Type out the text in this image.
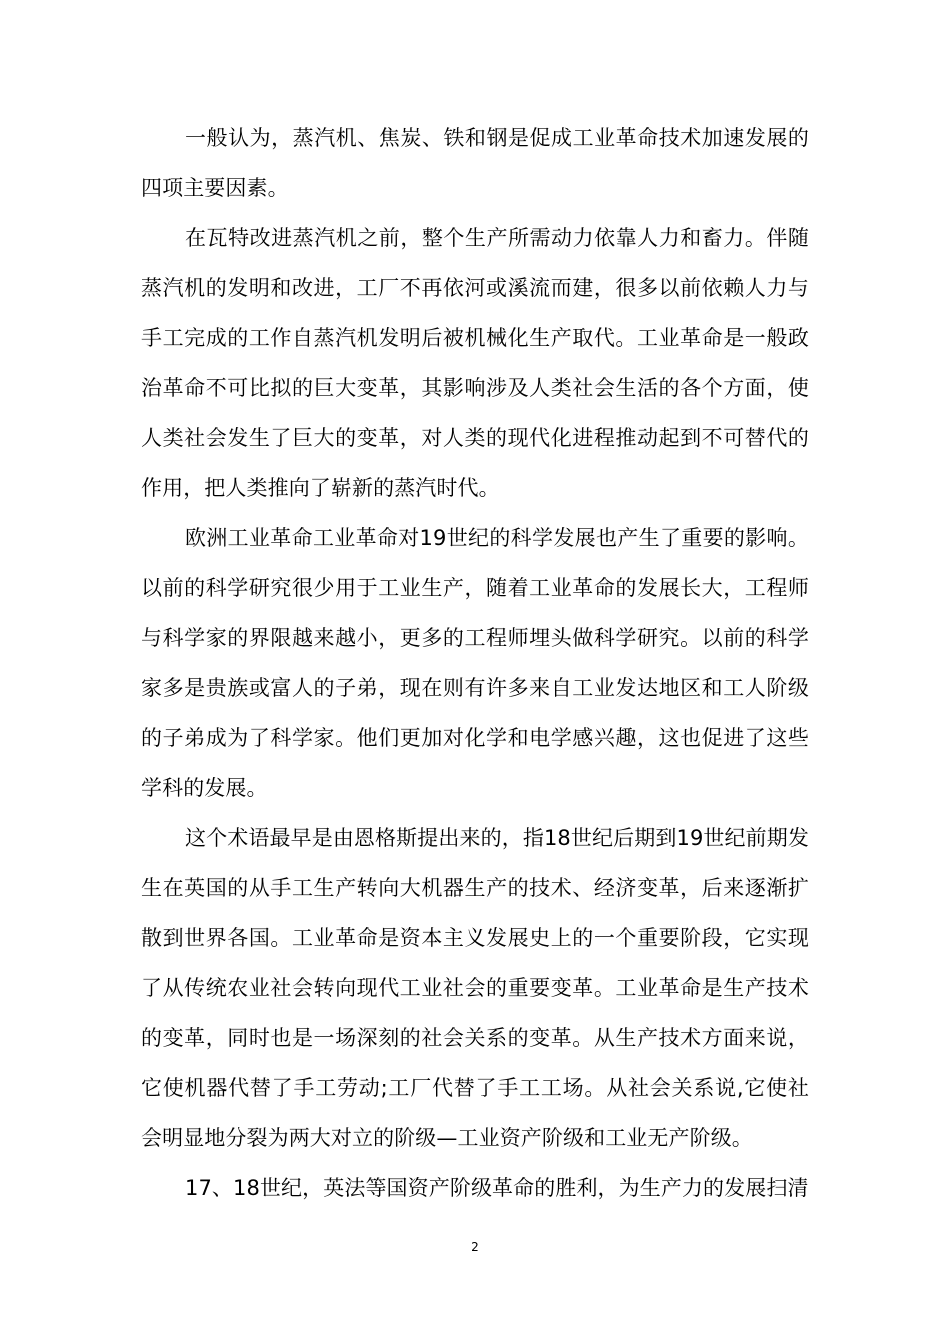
一般认为，蒸汽机、焦炭、铁和钢是促成工业革命技术加速发展的四项主要因素。

在瓦特改进蒸汽机之前，整个生产所需动力依靠人力和畜力。伴随蒸汽机的发明和改进，工厂不再依河或溪流而建，很多以前依赖人力与手工完成的工作自蒸汽机发明后被机械化生产取代。工业革命是一般政治革命不可比拟的巨大变革，其影响涉及人类社会生活的各个方面，使人类社会发生了巨大的变革，对人类的现代化进程推动起到不可替代的作用，把人类推向了崭新的蒸汽时代。

欧洲工业革命工业革命对19世纪的科学发展也产生了重要的影响。以前的科学研究很少用于工业生产，随着工业革命的发展长大，工程师与科学家的界限越来越小，更多的工程师埋头做科学研究。以前的科学家多是贵族或富人的子弟，现在则有许多来自工业发达地区和工人阶级的子弟成为了科学家。他们更加对化学和电学感兴趣，这也促进了这些学科的发展。

这个术语最早是由恩格斯提出来的，指18世纪后期到19世纪前期发生在英国的从手工生产转向大机器生产的技术、经济变革，后来逐渐扩散到世界各国。工业革命是资本主义发展史上的一个重要阶段，它实现了从传统农业社会转向现代工业社会的重要变革。工业革命是生产技术的变革，同时也是一场深刻的社会关系的变革。从生产技术方面来说，它使机器代替了手工劳动;工厂代替了手工工场。从社会关系说,它使社会明显地分裂为两大对立的阶级—工业资产阶级和工业无产阶级。

17、18世纪，英法等国资产阶级革命的胜利，为生产力的发展扫清

2
